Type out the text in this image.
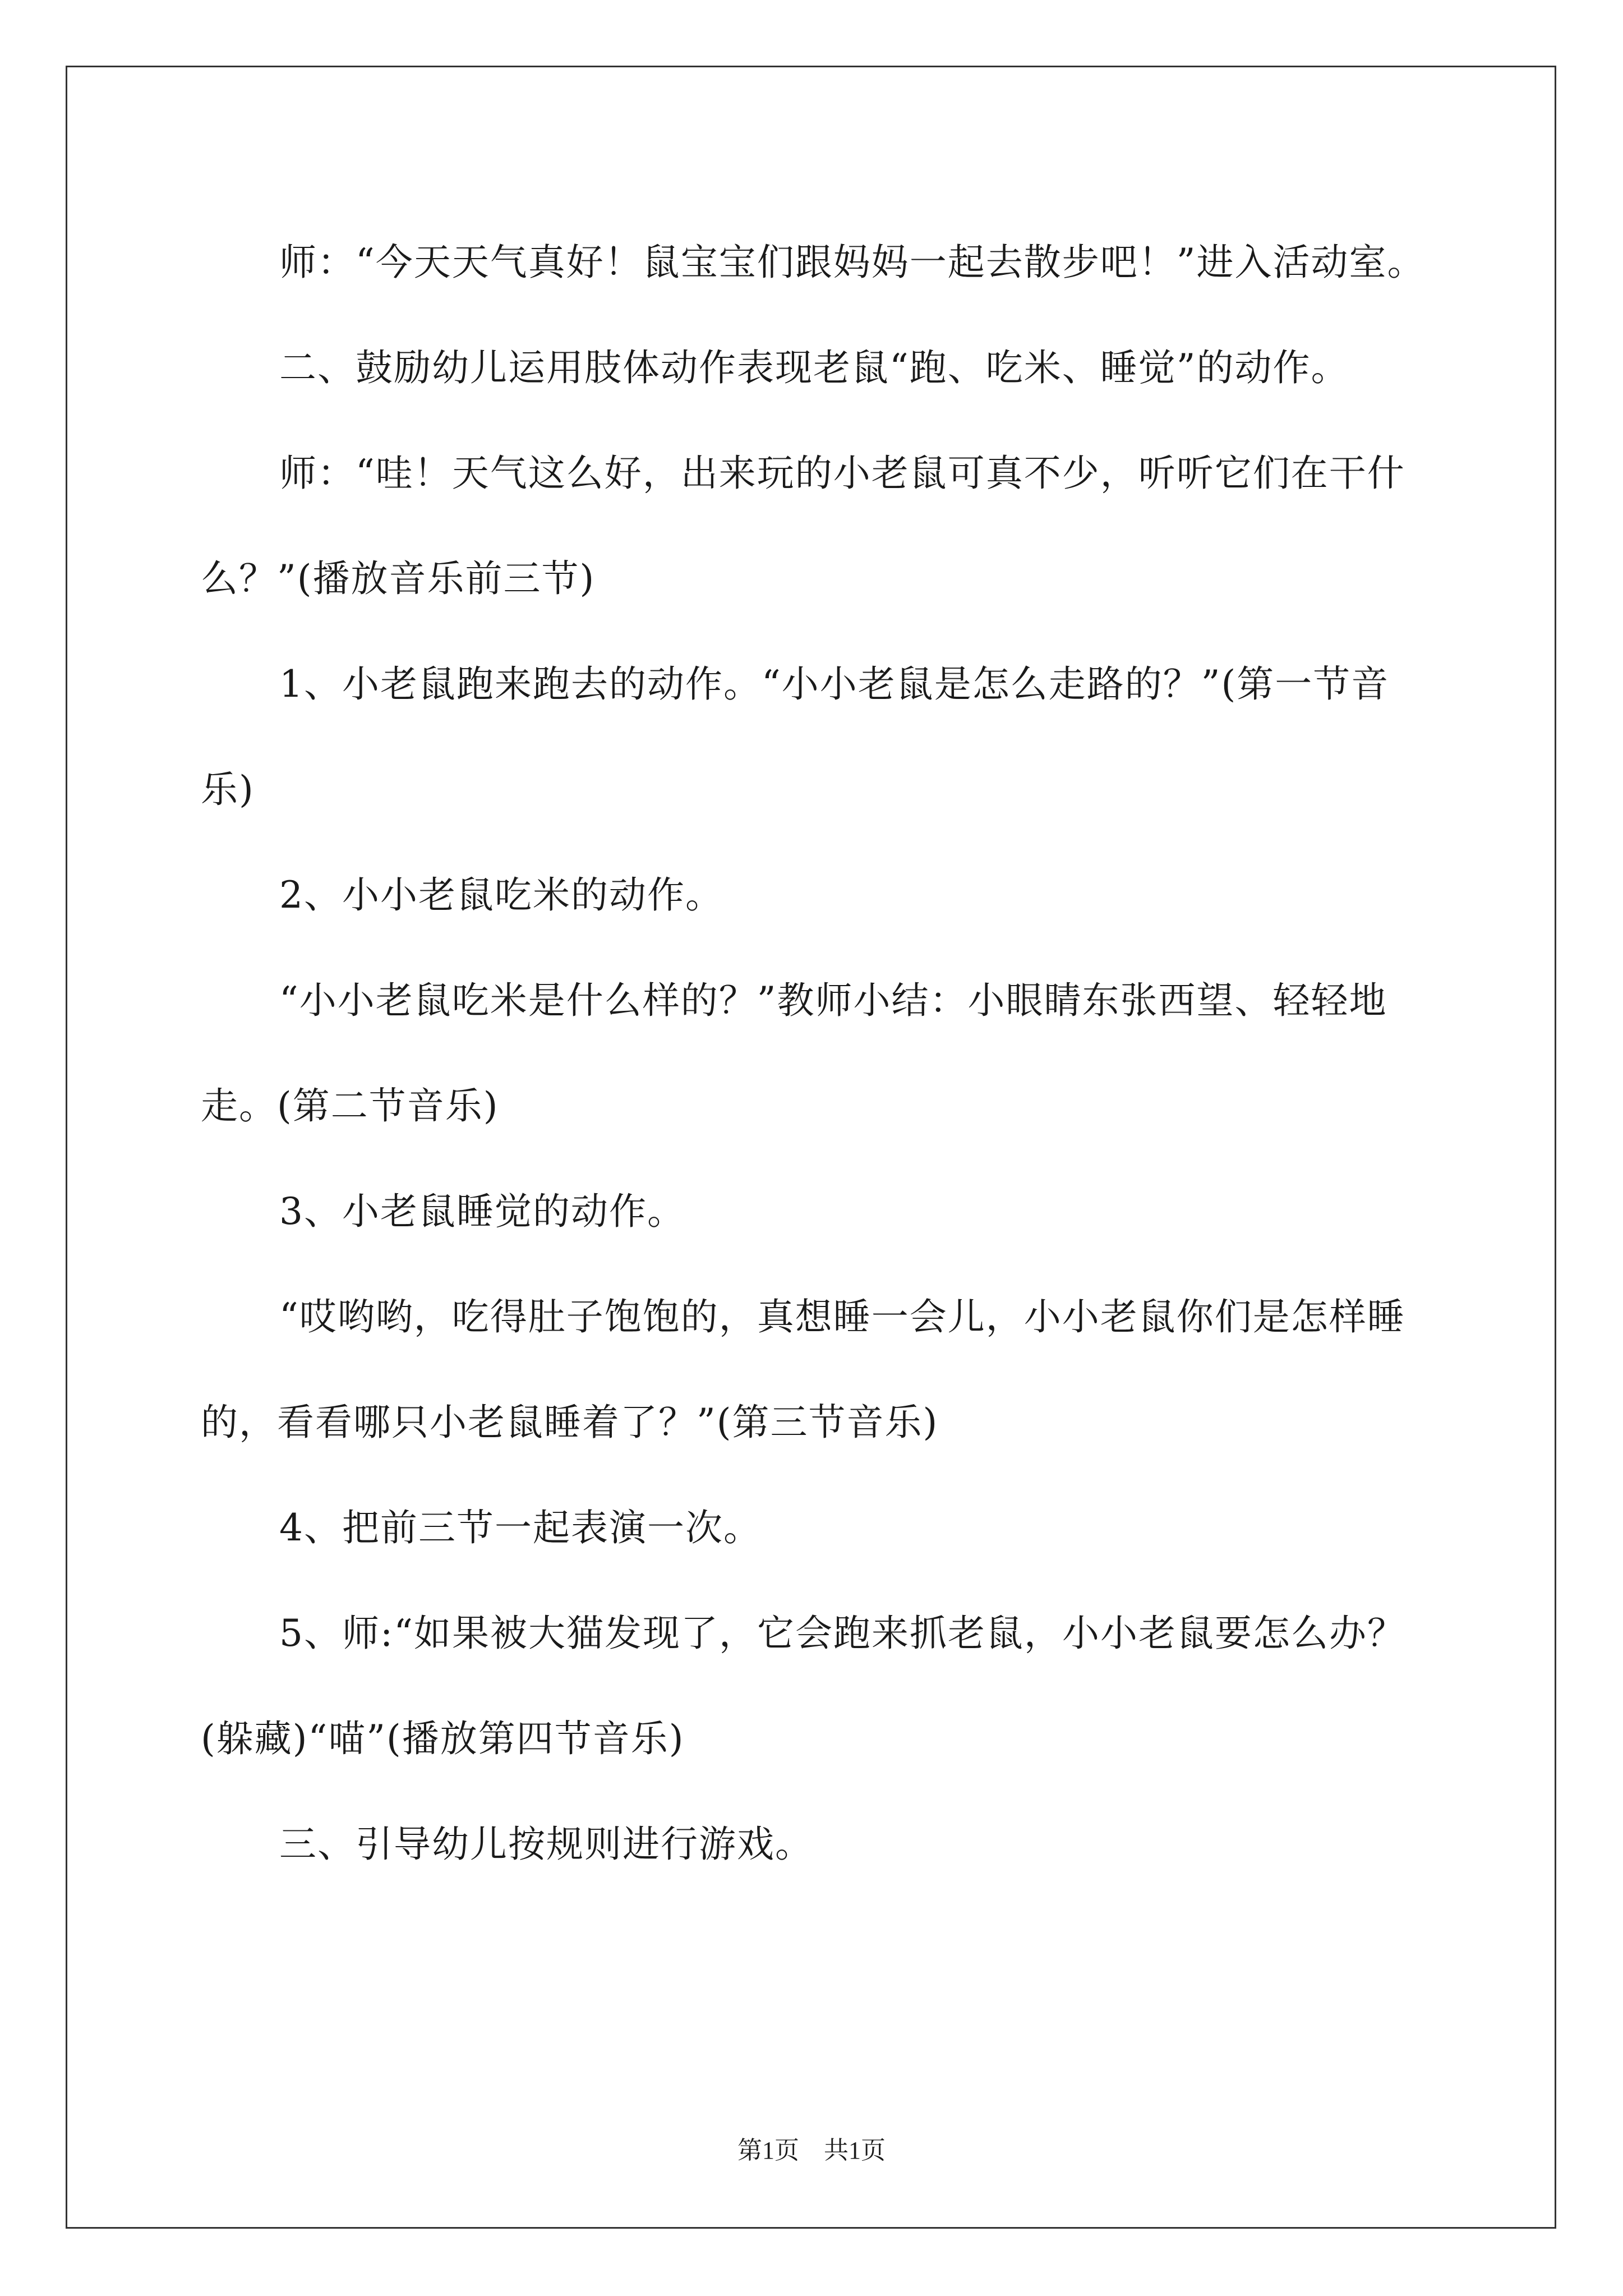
师：“今天天气真好！鼠宝宝们跟妈妈一起去散步吧！”进入活动室。

二、鼓励幼儿运用肢体动作表现老鼠“跑、吃米、睡觉”的动作。

师：“哇！天气这么好，出来玩的小老鼠可真不少，听听它们在干什么？”(播放音乐前三节)

1、小老鼠跑来跑去的动作。“小小老鼠是怎么走路的？”(第一节音乐)

2、小小老鼠吃米的动作。

“小小老鼠吃米是什么样的？”教师小结：小眼睛东张西望、轻轻地走。(第二节音乐)

3、小老鼠睡觉的动作。

“哎哟哟，吃得肚子饱饱的，真想睡一会儿，小小老鼠你们是怎样睡的，看看哪只小老鼠睡着了？”(第三节音乐)

4、把前三节一起表演一次。

5、师:“如果被大猫发现了，它会跑来抓老鼠，小小老鼠要怎么办？(躲藏)“喵”(播放第四节音乐)

三、引导幼儿按规则进行游戏。

第1页　共1页
